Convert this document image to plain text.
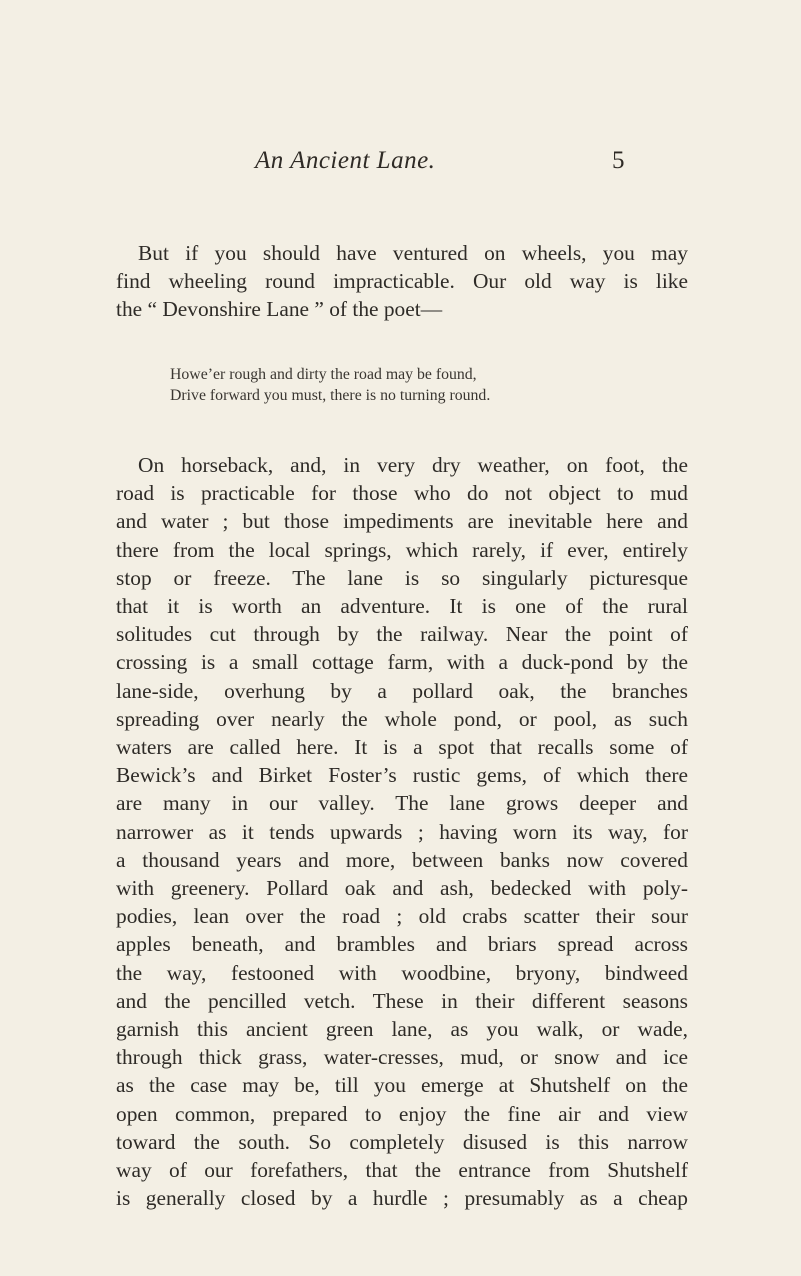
An Ancient Lane.	5
But if you should have ventured on wheels, you may
find wheeling round impracticable. Our old way is like
the “ Devonshire Lane ” of the poet—
Howe’er rough and dirty the road may be found,
Drive forward you must, there is no turning round.
On horseback, and, in very dry weather, on foot, the
road is practicable for those who do not object to mud
and water ; but those impediments are inevitable here and
there from the local springs, which rarely, if ever, entirely
stop or freeze. The lane is so singularly picturesque
that it is worth an adventure. It is one of the rural
solitudes cut through by the railway. Near the point of
crossing is a small cottage farm, with a duck-pond by the
lane-side, overhung by a pollard oak, the branches
spreading over nearly the whole pond, or pool, as such
waters are called here. It is a spot that recalls some of
Bewick’s and Birket Foster’s rustic gems, of which there
are many in our valley. The lane grows deeper and
narrower as it tends upwards ; having worn its way, for
a thousand years and more, between banks now covered
with greenery. Pollard oak and ash, bedecked with poly-
podies, lean over the road ; old crabs scatter their sour
apples beneath, and brambles and briars spread across
the way, festooned with woodbine, bryony, bindweed
and the pencilled vetch. These in their different seasons
garnish this ancient green lane, as you walk, or wade,
through thick grass, water-cresses, mud, or snow and ice
as the case may be, till you emerge at Shutshelf on the
open common, prepared to enjoy the fine air and view
toward the south. So completely disused is this narrow
way of our forefathers, that the entrance from Shutshelf
is generally closed by a hurdle ; presumably as a cheap
